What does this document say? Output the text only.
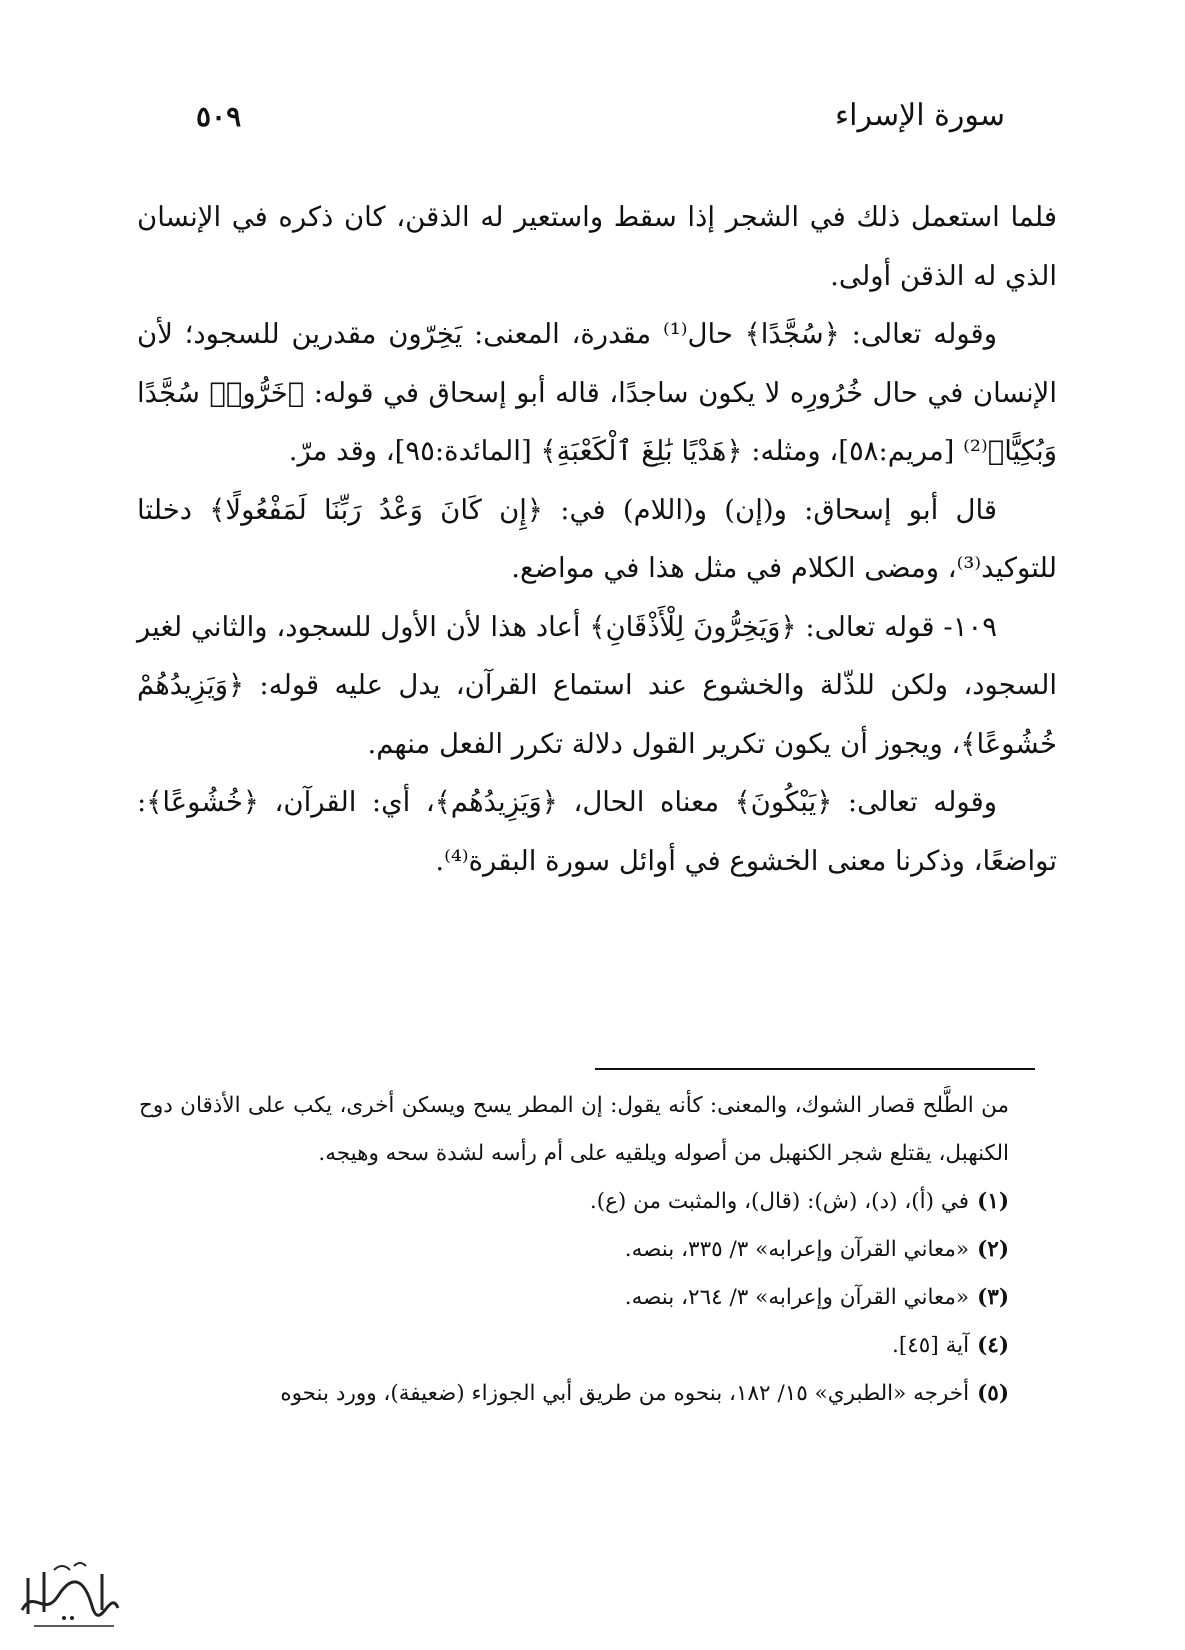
سورة الإسراء
٥٠٩

فلما استعمل ذلك في الشجر إذا سقط واستعير له الذقن، كان ذكره في الإنسان الذي له الذقن أولى.

وقوله تعالى: ﴿سُجَّدًا﴾ حال⁽¹⁾ مقدرة، المعنى: يَخِرّون مقدرين للسجود؛ لأن الإنسان في حال خُرُورِه لا يكون ساجدًا، قاله أبو إسحاق في قوله: ﴿خَرُّوا۟ سُجَّدًا وَبُكِيًّا﴾⁽²⁾ [مريم:٥٨]، ومثله: ﴿هَدْيًا بَٰلِغَ ٱلْكَعْبَةِ﴾ [المائدة:٩٥]، وقد مرّ.

قال أبو إسحاق: و(إن) و(اللام) في: ﴿إِن كَانَ وَعْدُ رَبِّنَا لَمَفْعُولًا﴾ دخلتا للتوكيد⁽³⁾، ومضى الكلام في مثل هذا في مواضع.

١٠٩- قوله تعالى: ﴿وَيَخِرُّونَ لِلْأَذْقَانِ﴾ أعاد هذا لأن الأول للسجود، والثاني لغير السجود، ولكن للذّلة والخشوع عند استماع القرآن، يدل عليه قوله: ﴿وَيَزِيدُهُمْ خُشُوعًا﴾، ويجوز أن يكون تكرير القول دلالة تكرر الفعل منهم.

وقوله تعالى: ﴿يَبْكُونَ﴾ معناه الحال، ﴿وَيَزِيدُهُم﴾، أي: القرآن، ﴿خُشُوعًا﴾: تواضعًا، وذكرنا معنى الخشوع في أوائل سورة البقرة⁽⁴⁾.

من الطَّلح قصار الشوك، والمعنى: كأنه يقول: إن المطر يسح ويسكن أخرى، يكب على الأذقان دوح الكنهبل، يقتلع شجر الكنهبل من أصوله ويلقيه على أم رأسه لشدة سحه وهيجه.

(١)في (أ)، (د)، (ش): (قال)، والمثبت من (ع).

(٢)«معاني القرآن وإعرابه» ٣/ ٣٣٥، بنصه.

(٣)«معاني القرآن وإعرابه» ٣/ ٢٦٤، بنصه.

(٤)آية [٤٥].

(٥)أخرجه «الطبري» ١٥/ ١٨٢، بنحوه من طريق أبي الجوزاء (ضعيفة)، وورد بنحوه
